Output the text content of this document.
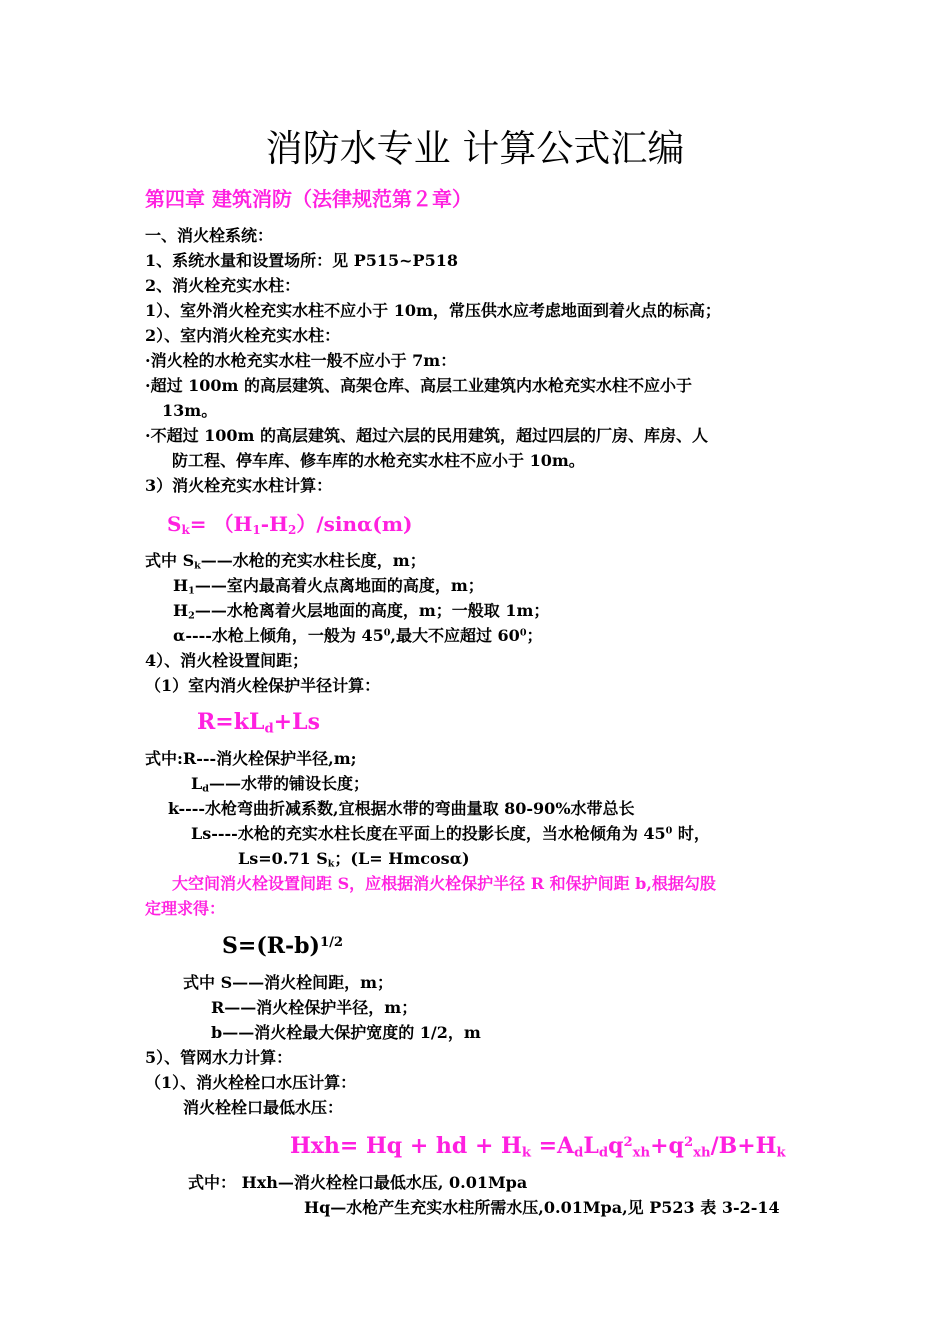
消防水专业 计算公式汇编
第四章 建筑消防（法律规范第２章）
一、消火栓系统：
1、系统水量和设置场所：见 P515~P518
2、消火栓充实水柱：
1）、室外消火栓充实水柱不应小于 10m，常压供水应考虑地面到着火点的标高；
2）、室内消火栓充实水柱：
·消火栓的水枪充实水柱一般不应小于 7m：
·超过 100m 的高层建筑、高架仓库、高层工业建筑内水枪充实水柱不应小于
13m。
·不超过 100m 的高层建筑、超过六层的民用建筑，超过四层的厂房、库房、人
防工程、停车库、修车库的水枪充实水柱不应小于 10m。
3）消火栓充实水柱计算：
$S_k= (H_1-H_2)/\sin\alpha(m)$
式中 $S_k——$水枪的充实水柱长度，m；
$H_1——$室内最高着火点离地面的高度，m；
$H_2——$水枪离着火层地面的高度，m；一般取 1m；
α----水枪上倾角，一般为 $45^0$,最大不应超过 $60^0$；
4）、消火栓设置间距；
（1）室内消火栓保护半径计算：
$R=kL_d+Ls$
式中:R---消火栓保护半径,m;
$L_d——$水带的铺设长度；
k----水枪弯曲折减系数,宜根据水带的弯曲量取 80-90%水带总长
Ls----水枪的充实水柱长度在平面上的投影长度，当水枪倾角为 $45^0$ 时，
Ls=0.71 $S_k$；(L= Hmcosα)
大空间消火栓设置间距 S，应根据消火栓保护半径 R 和保护间距 b,根据勾股
定理求得：
$S=(R-b)^{1/2}$
式中 S——消火栓间距，m；
R——消火栓保护半径，m；
b——消火栓最大保护宽度的 1/2，m
5）、管网水力计算：
（1）、消火栓栓口水压计算：
消火栓栓口最低水压：
Hxh= Hq + hd + $H_k =A_dL_dq^2_{xh}+q^2_{xh}/B+H_k$
式中： Hxh—消火栓栓口最低水压, 0.01Mpa
Hq—水枪产生充实水柱所需水压,0.01Mpa,见 P523 表 3-2-14
